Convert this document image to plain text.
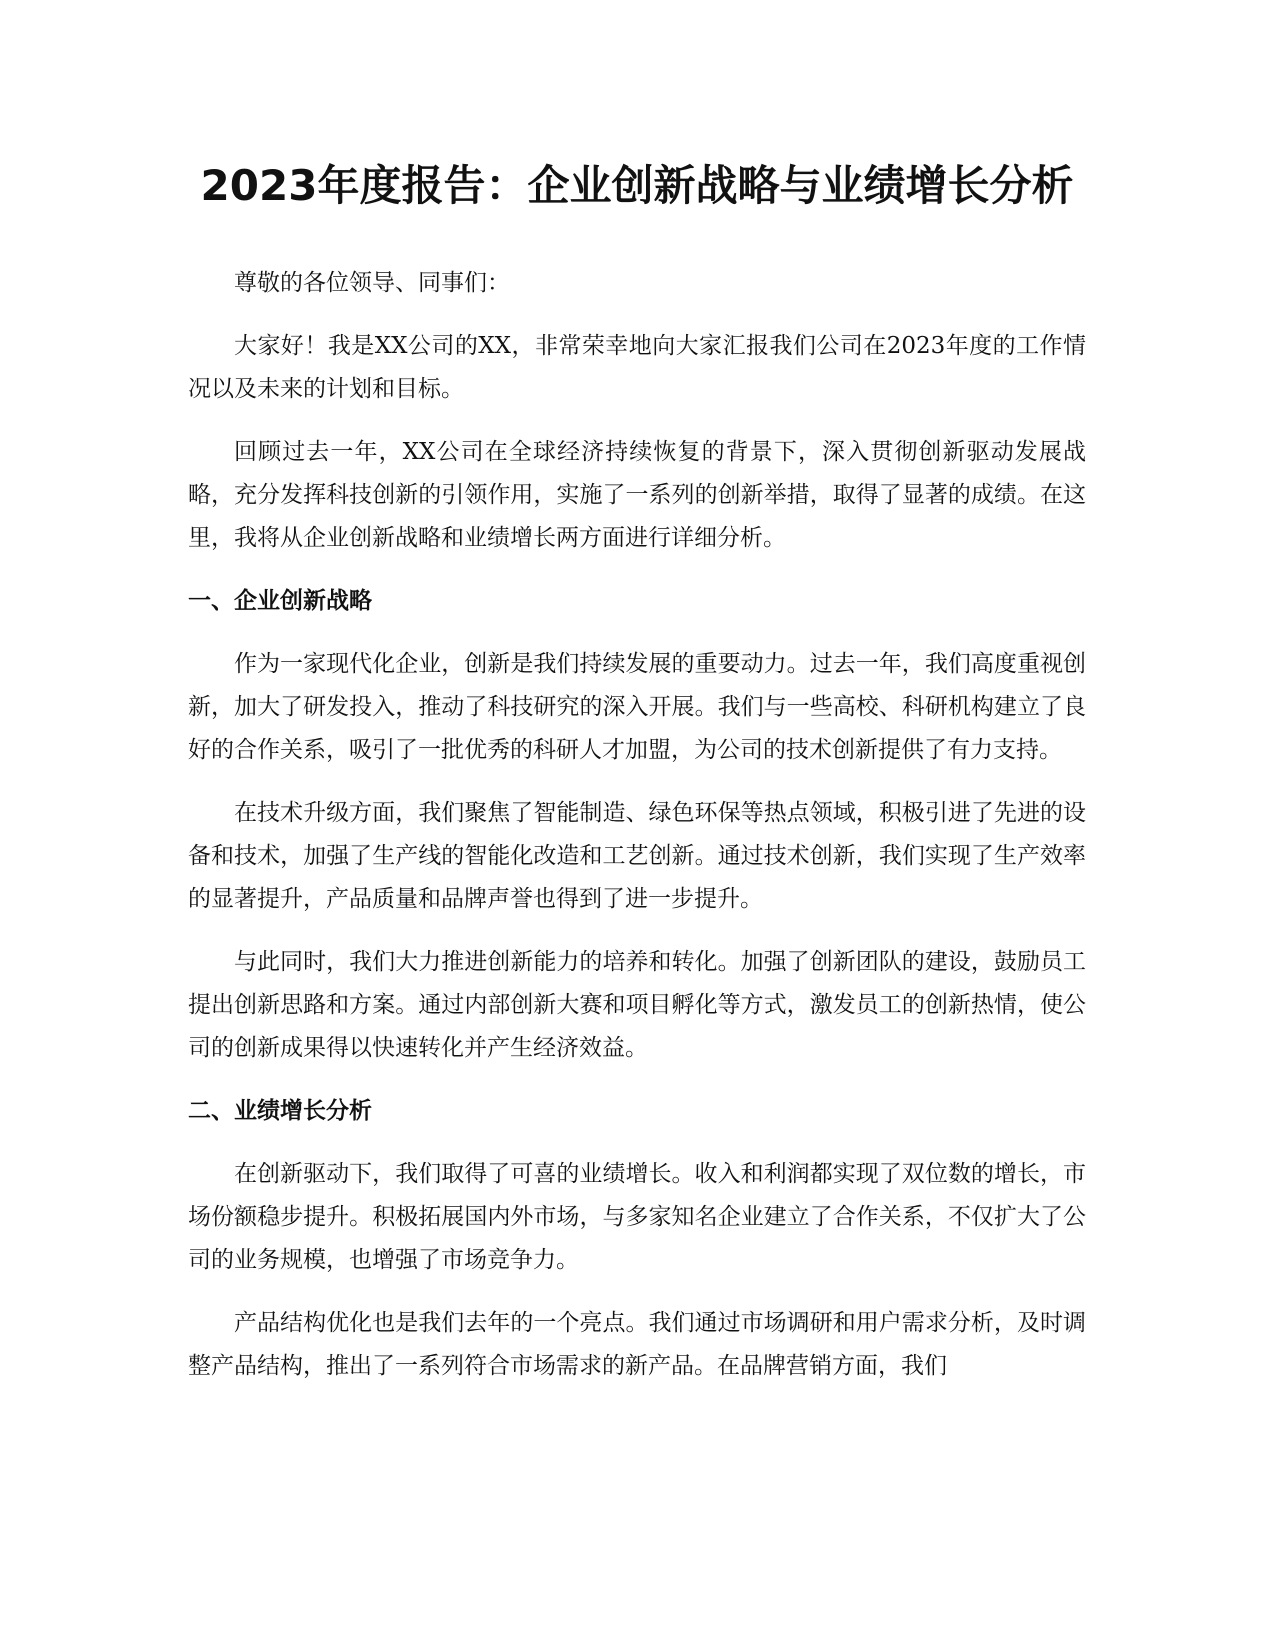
2023年度报告：企业创新战略与业绩增长分析

尊敬的各位领导、同事们：

大家好！我是XX公司的XX，非常荣幸地向大家汇报我们公司在2023年度的工作情况以及未来的计划和目标。

回顾过去一年，XX公司在全球经济持续恢复的背景下，深入贯彻创新驱动发展战略，充分发挥科技创新的引领作用，实施了一系列的创新举措，取得了显著的成绩。在这里，我将从企业创新战略和业绩增长两方面进行详细分析。

一、企业创新战略

作为一家现代化企业，创新是我们持续发展的重要动力。过去一年，我们高度重视创新，加大了研发投入，推动了科技研究的深入开展。我们与一些高校、科研机构建立了良好的合作关系，吸引了一批优秀的科研人才加盟，为公司的技术创新提供了有力支持。

在技术升级方面，我们聚焦了智能制造、绿色环保等热点领域，积极引进了先进的设备和技术，加强了生产线的智能化改造和工艺创新。通过技术创新，我们实现了生产效率的显著提升，产品质量和品牌声誉也得到了进一步提升。

与此同时，我们大力推进创新能力的培养和转化。加强了创新团队的建设，鼓励员工提出创新思路和方案。通过内部创新大赛和项目孵化等方式，激发员工的创新热情，使公司的创新成果得以快速转化并产生经济效益。

二、业绩增长分析

在创新驱动下，我们取得了可喜的业绩增长。收入和利润都实现了双位数的增长，市场份额稳步提升。积极拓展国内外市场，与多家知名企业建立了合作关系，不仅扩大了公司的业务规模，也增强了市场竞争力。

产品结构优化也是我们去年的一个亮点。我们通过市场调研和用户需求分析，及时调整产品结构，推出了一系列符合市场需求的新产品。在品牌营销方面，我们
